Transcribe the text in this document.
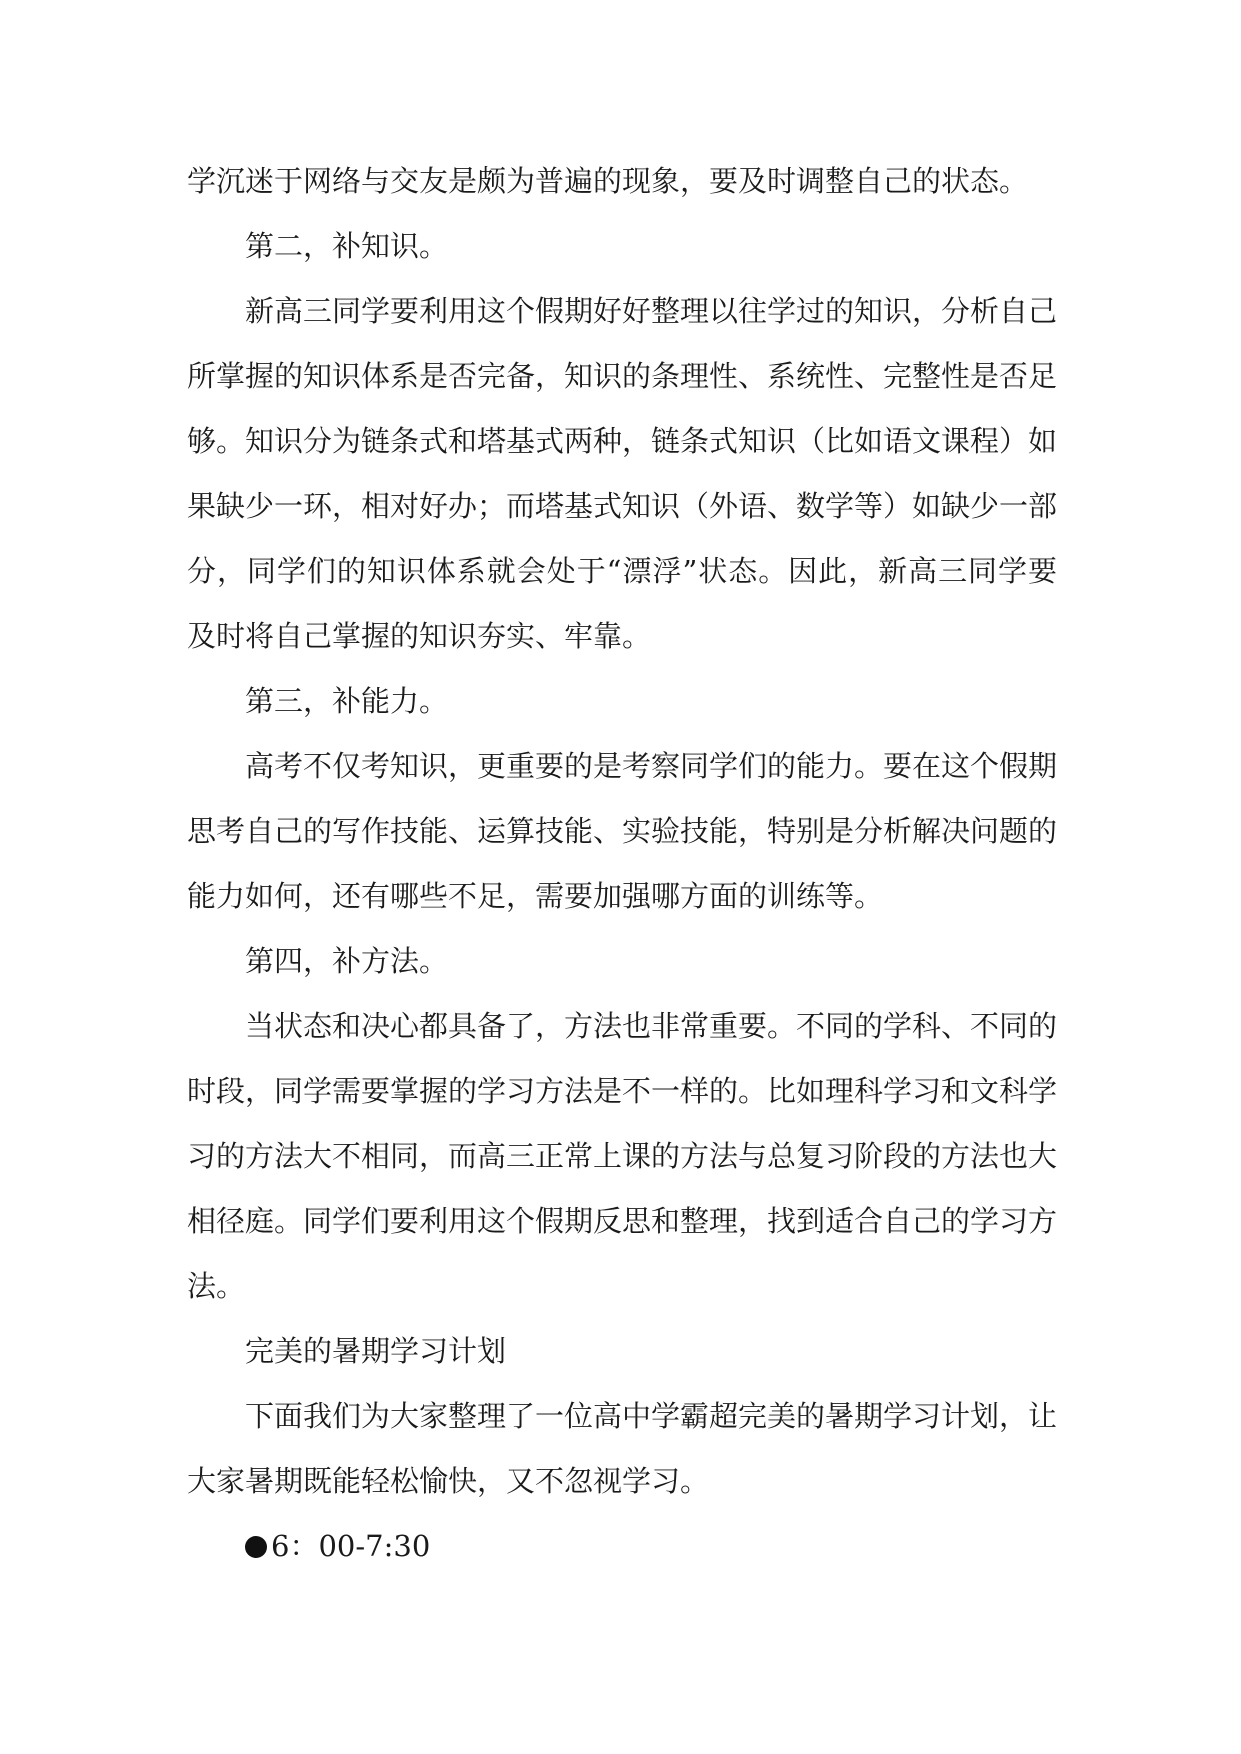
学沉迷于网络与交友是颇为普遍的现象，要及时调整自己的状态。

第二，补知识。

新高三同学要利用这个假期好好整理以往学过的知识，分析自己所掌握的知识体系是否完备，知识的条理性、系统性、完整性是否足够。知识分为链条式和塔基式两种，链条式知识（比如语文课程）如果缺少一环，相对好办；而塔基式知识（外语、数学等）如缺少一部分，同学们的知识体系就会处于“漂浮”状态。因此，新高三同学要及时将自己掌握的知识夯实、牢靠。

第三，补能力。

高考不仅考知识，更重要的是考察同学们的能力。要在这个假期思考自己的写作技能、运算技能、实验技能，特别是分析解决问题的能力如何，还有哪些不足，需要加强哪方面的训练等。

第四，补方法。

当状态和决心都具备了，方法也非常重要。不同的学科、不同的时段，同学需要掌握的学习方法是不一样的。比如理科学习和文科学习的方法大不相同，而高三正常上课的方法与总复习阶段的方法也大相径庭。同学们要利用这个假期反思和整理，找到适合自己的学习方法。

完美的暑期学习计划

下面我们为大家整理了一位高中学霸超完美的暑期学习计划，让大家暑期既能轻松愉快，又不忽视学习。

6：00-7:30
